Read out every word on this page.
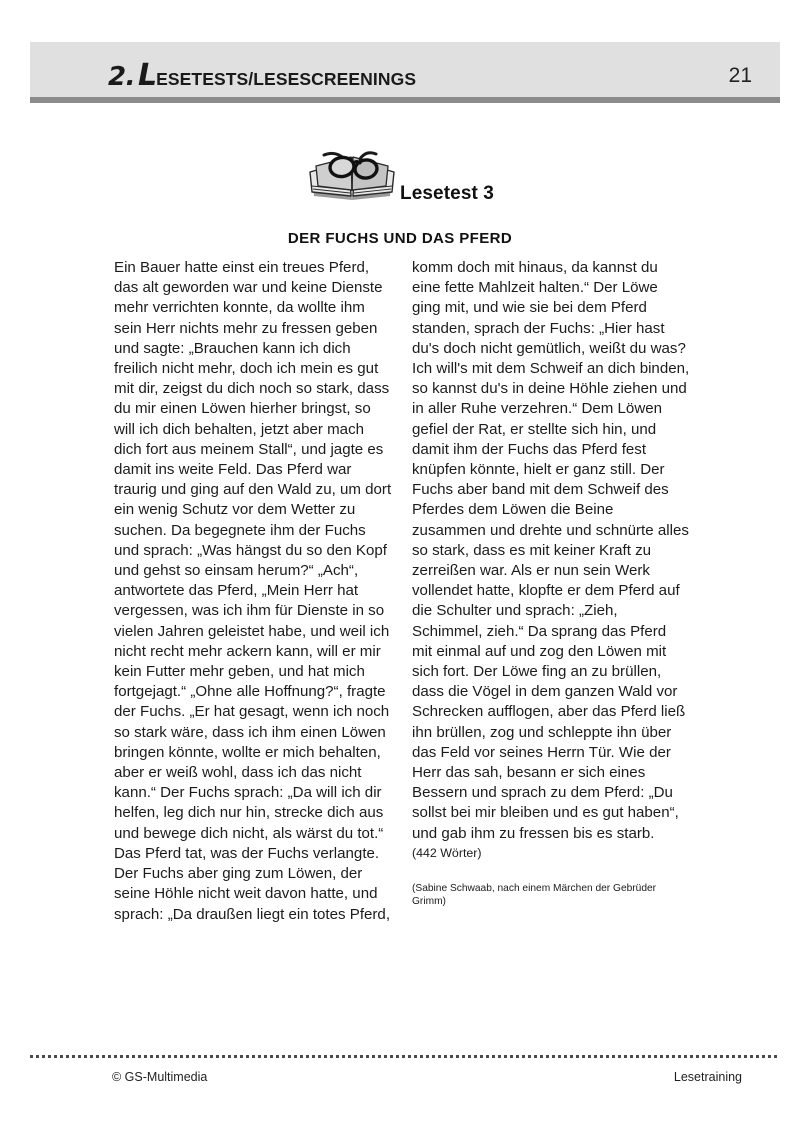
2. LESETESTS/LESESCREENINGS	21
Lesetest 3
DER FUCHS UND DAS PFERD

Ein Bauer hatte einst ein treues Pferd, das alt geworden war und keine Dienste mehr verrichten konnte, da wollte ihm sein Herr nichts mehr zu fressen geben und sagte: „Brauchen kann ich dich freilich nicht mehr, doch ich mein es gut mit dir, zeigst du dich noch so stark, dass du mir einen Löwen hierher bringst, so will ich dich behalten, jetzt aber mach dich fort aus meinem Stall“, und jagte es damit ins weite Feld. Das Pferd war traurig und ging auf den Wald zu, um dort ein wenig Schutz vor dem Wetter zu suchen. Da begegnete ihm der Fuchs und sprach: „Was hängst du so den Kopf und gehst so einsam herum?“ „Ach“, antwortete das Pferd, „Mein Herr hat vergessen, was ich ihm für Dienste in so vielen Jahren geleistet habe, und weil ich nicht recht mehr ackern kann, will er mir kein Futter mehr geben, und hat mich fortgejagt.“ „Ohne alle Hoffnung?“, fragte der Fuchs. „Er hat gesagt, wenn ich noch so stark wäre, dass ich ihm einen Löwen bringen könnte, wollte er mich behalten, aber er weiß wohl, dass ich das nicht kann.“ Der Fuchs sprach: „Da will ich dir helfen, leg dich nur hin, strecke dich aus und bewege dich nicht, als wärst du tot.“ Das Pferd tat, was der Fuchs verlangte. Der Fuchs aber ging zum Löwen, der seine Höhle nicht weit davon hatte, und sprach: „Da draußen liegt ein totes Pferd,

komm doch mit hinaus, da kannst du eine fette Mahlzeit halten.“ Der Löwe ging mit, und wie sie bei dem Pferd standen, sprach der Fuchs: „Hier hast du's doch nicht gemütlich, weißt du was? Ich will's mit dem Schweif an dich binden, so kannst du's in deine Höhle ziehen und in aller Ruhe verzehren.“ Dem Löwen gefiel der Rat, er stellte sich hin, und damit ihm der Fuchs das Pferd fest knüpfen könnte, hielt er ganz still. Der Fuchs aber band mit dem Schweif des Pferdes dem Löwen die Beine zusammen und drehte und schnürte alles so stark, dass es mit keiner Kraft zu zerreißen war. Als er nun sein Werk vollendet hatte, klopfte er dem Pferd auf die Schulter und sprach: „Zieh, Schimmel, zieh.“ Da sprang das Pferd mit einmal auf und zog den Löwen mit sich fort. Der Löwe fing an zu brüllen, dass die Vögel in dem ganzen Wald vor Schrecken aufflogen, aber das Pferd ließ ihn brüllen, zog und schleppte ihn über das Feld vor seines Herrn Tür. Wie der Herr das sah, besann er sich eines Bessern und sprach zu dem Pferd: „Du sollst bei mir bleiben und es gut haben“, und gab ihm zu fressen bis es starb.

(442 Wörter)

(Sabine Schwaab, nach einem Märchen der Gebrüder Grimm)

© GS-Multimedia	Lesetraining
